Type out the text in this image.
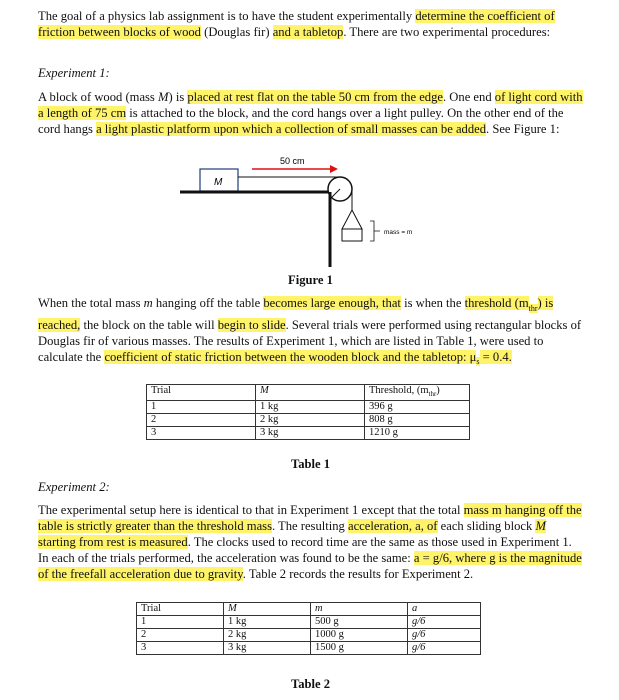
The goal of a physics lab assignment is to have the student experimentally determine the coefficient of friction between blocks of wood (Douglas fir) and a tabletop. There are two experimental procedures:
Experiment 1:
A block of wood (mass M) is placed at rest flat on the table 50 cm from the edge. One end of light cord with a length of 75 cm is attached to the block, and the cord hangs over a light pulley. On the other end of the cord hangs a light plastic platform upon which a collection of small masses can be added. See Figure 1:
50 cm
M
mass = m
Figure 1
When the total mass m hanging off the table becomes large enough, that is when the threshold $(m_{thr})$ is reached, the block on the table will begin to slide. Several trials were performed using rectangular blocks of Douglas fir of various masses. The results of Experiment 1, which are listed in Table 1, were used to calculate the coefficient of static friction between the wooden block and the tabletop: $\mu_s = 0.4$.
Trial	M	Threshold, $(m_{thr})$
1	1 kg	396 g
2	2 kg	808 g
3	3 kg	1210 g
Table 1
Experiment 2:
The experimental setup here is identical to that in Experiment 1 except that the total mass m hanging off the table is strictly greater than the threshold mass. The resulting acceleration, a, of each sliding block M starting from rest is measured. The clocks used to record time are the same as those used in Experiment 1. In each of the trials performed, the acceleration was found to be the same: a = g/6, where g is the magnitude of the freefall acceleration due to gravity. Table 2 records the results for Experiment 2.
Trial	M	m	a
1	1 kg	500 g	g/6
2	2 kg	1000 g	g/6
3	3 kg	1500 g	g/6
Table 2
